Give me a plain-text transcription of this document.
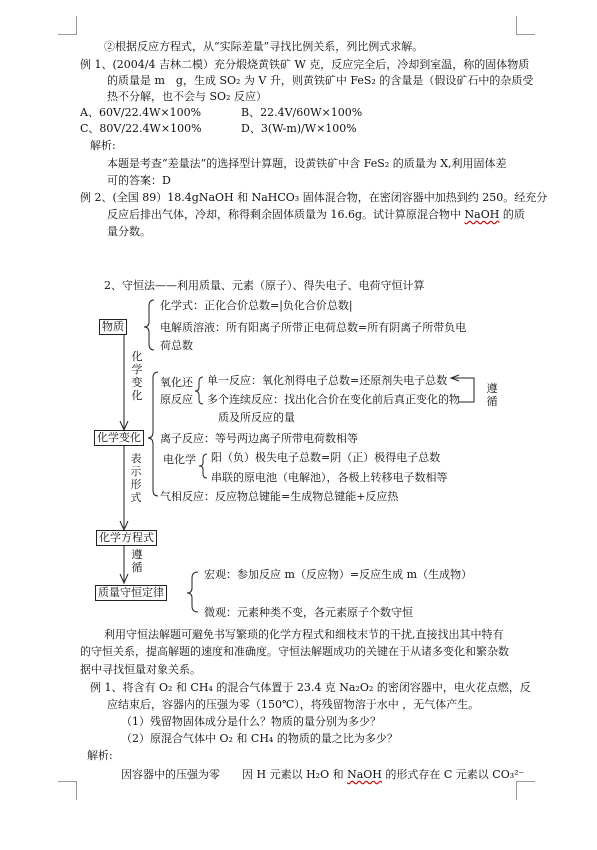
②根据反应方程式，从“实际差量”寻找比例关系，列比例式求解。
例 1、(2004/4 吉林二模）充分煅烧黄铁矿 W 克，反应完全后，冷却到室温，称的固体物质
的质量是 m　g，生成 SO₂ 为 V 升，则黄铁矿中 FeS₂ 的含量是（假设矿石中的杂质受
热不分解，也不会与 SO₂ 反应）
A、60V/22.4W×100%	B、22.4V/60W×100%
C、80V/22.4W×100%	D、3(W-m)/W×100%
解析:
本题是考查“差量法”的选择型计算题，设黄铁矿中含 FeS₂ 的质量为 X,利用固体差
可的答案：D
例 2、(全国 89）18.4gNaOH 和 NaHCO₃ 固体混合物，在密闭容器中加热到约 250。经充分
反应后排出气体，冷却，称得剩余固体质量为 16.6g。试计算原混合物中 NaOH 的质
量分数。
2、守恒法——利用质量、元素（原子）、得失电子、电荷守恒计算
物质
化学式：正化合价总数=|负化合价总数|
电解质溶液：所有阳离子所带正电荷总数=所有阴离子所带负电
荷总数
化学变化
氧化还
原反应
单一反应：氧化剂得电子总数=还原剂失电子总数
多个连续反应：找出化合价在变化前后真正变化的物
质及所反应的量
遵循
化学变化 离子反应：等号两边离子所带电荷数相等
电化学 阳（负）极失电子总数=阴（正）极得电子总数
串联的原电池（电解池），各极上转移电子数相等
表示形式 气相反应：反应物总键能=生成物总键能+反应热
化学方程式
遵循
质量守恒定律
宏观：参加反应 m（反应物）=反应生成 m（生成物）
微观：元素种类不变，各元素原子个数守恒
利用守恒法解题可避免书写繁琐的化学方程式和细枝末节的干扰,直接找出其中特有
的守恒关系，提高解题的速度和准确度。守恒法解题成功的关键在于从诸多变化和繁杂数
据中寻找恒量对象关系。
例 1、将含有 O₂ 和 CH₄ 的混合气体置于 23.4 克 Na₂O₂ 的密闭容器中，电火花点燃，反
应结束后，容器内的压强为零（150℃），将残留物溶于水中 ，无气体产生。
（1）残留物固体成分是什么？物质的量分别为多少？
（2）原混合气体中 O₂ 和 CH₄ 的物质的量之比为多少？
解析:
因容器中的压强为零　　因 H 元素以 H₂O 和 NaOH 的形式存在 C 元素以 CO₃²⁻
